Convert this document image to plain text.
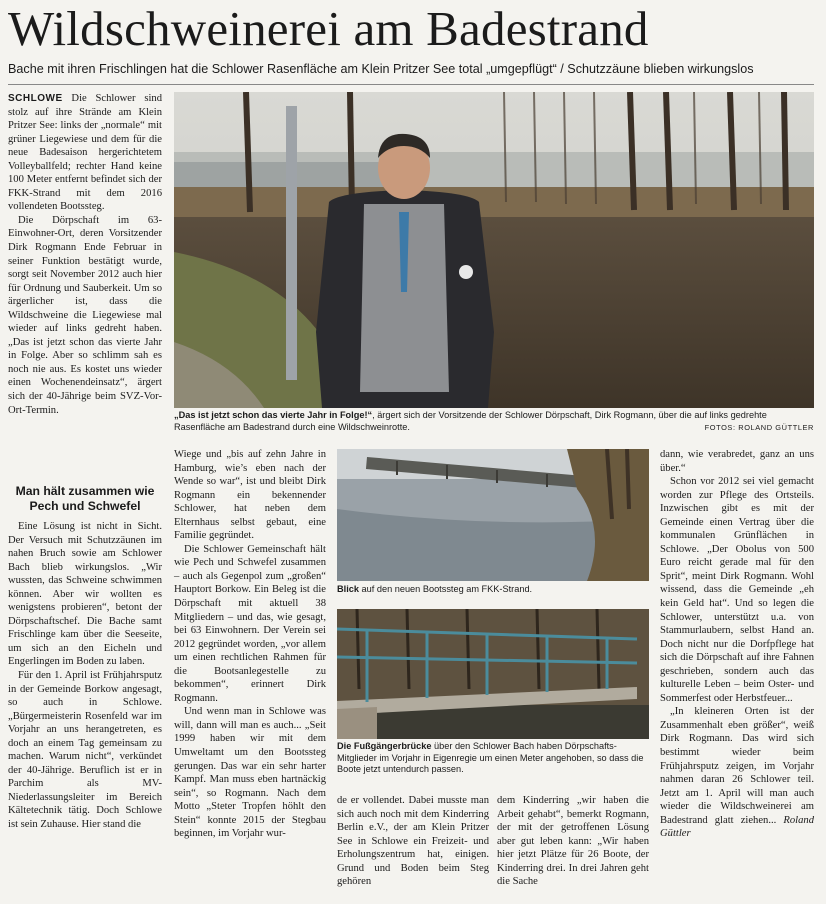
Wildschweinerei am Badestrand
Bache mit ihren Frischlingen hat die Schlower Rasenfläche am Klein Pritzer See total „umgepflügt“ / Schutzzäune blieben wirkungslos

SCHLOWE Die Schlower sind stolz auf ihre Strände am Klein Pritzer See: links der „normale“ mit grüner Liegewiese und dem für die neue Badesaison hergerichtetem Volleyballfeld; rechter Hand keine 100 Meter entfernt befindet sich der FKK-Strand mit dem 2016 vollendeten Bootssteg.

Die Dörpschaft im 63-Einwohner-Ort, deren Vorsitzender Dirk Rogmann Ende Februar in seiner Funktion bestätigt wurde, sorgt seit November 2012 auch hier für Ordnung und Sauberkeit. Um so ärgerlicher ist, dass die Wildschweine die Liegewiese mal wieder auf links gedreht haben. „Das ist jetzt schon das vierte Jahr in Folge. Aber so schlimm sah es noch nie aus. Es kostet uns wieder einen Wochenendeinsatz“, ärgert sich der 40-Jährige beim SVZ-Vor-Ort-Termin.

Man hält zusammen wie Pech und Schwefel

Eine Lösung ist nicht in Sicht. Der Versuch mit Schutzzäunen im nahen Bruch sowie am Schlower Bach blieb wirkungslos. „Wir wussten, das Schweine schwimmen können. Aber wir wollten es wenigstens probieren“, betont der Dörpschaftschef. Die Bache samt Frischlinge kam über die Seeseite, um sich an den Eicheln und Engerlingen im Boden zu laben.

Für den 1. April ist Frühjahrsputz in der Gemeinde Borkow angesagt, so auch in Schlowe. „Bürgermeisterin Rosenfeld war im Vorjahr an uns herangetreten, es doch an einem Tag gemeinsam zu machen. Warum nicht“, verkündet der 40-Jährige. Beruflich ist er in Parchim als MV-Niederlassungsleiter im Bereich Kältetechnik tätig. Doch Schlowe ist sein Zuhause. Hier stand die

„Das ist jetzt schon das vierte Jahr in Folge!“, ärgert sich der Vorsitzende der Schlower Dörpschaft, Dirk Rogmann, über die auf links gedrehte Rasenfläche am Badestrand durch eine Wildschweinrotte.	FOTOS: ROLAND GÜTTLER

Wiege und „bis auf zehn Jahre in Hamburg, wie’s eben nach der Wende so war“, ist und bleibt Dirk Rogmann ein bekennender Schlower, hat neben dem Elternhaus selbst gebaut, eine Familie gegründet.

Die Schlower Gemeinschaft hält wie Pech und Schwefel zusammen – auch als Gegenpol zum „großen“ Hauptort Borkow. Ein Beleg ist die Dörpschaft mit aktuell 38 Mitgliedern – und das, wie gesagt, bei 63 Einwohnern. Der Verein sei 2012 gegründet worden, „vor allem um einen rechtlichen Rahmen für die Bootsanlegestelle zu bekommen“, erinnert Dirk Rogmann.

Und wenn man in Schlowe was will, dann will man es auch... „Seit 1999 haben wir mit dem Umweltamt um den Bootssteg gerungen. Das war ein sehr harter Kampf. Man muss eben hartnäckig sein“, so Rogmann. Nach dem Motto „Steter Tropfen höhlt den Stein“ konnte 2015 der Stegbau beginnen, im Vorjahr wur-

Blick auf den neuen Bootssteg am FKK-Strand.
Die Fußgängerbrücke über den Schlower Bach haben Dörpschafts-Mitglieder im Vorjahr in Eigenregie um einen Meter angehoben, so dass die Boote jetzt untendurch passen.

de er vollendet. Dabei musste man sich auch noch mit dem Kinderring Berlin e.V., der am Klein Pritzer See in Schlowe ein Freizeit- und Erholungszentrum hat, einigen. Grund und Boden beim Steg gehören

dem Kinderring „wir haben die Arbeit gehabt“, bemerkt Rogmann, der mit der getroffenen Lösung aber gut leben kann: „Wir haben hier jetzt Plätze für 26 Boote, der Kinderring drei. In drei Jahren geht die Sache

dann, wie verabredet, ganz an uns über.“

Schon vor 2012 sei viel gemacht worden zur Pflege des Ortsteils. Inzwischen gibt es mit der Gemeinde einen Vertrag über die kommunalen Grünflächen in Schlowe. „Der Obolus von 500 Euro reicht gerade mal für den Sprit“, meint Dirk Rogmann. Wohl wissend, dass die Gemeinde „eh kein Geld hat“. Und so legen die Schlower, unterstützt u.a. von Stammurlaubern, selbst Hand an. Doch nicht nur die Dorfpflege hat sich die Dörpschaft auf ihre Fahnen geschrieben, sondern auch das kulturelle Leben – beim Oster- und Sommerfest oder Herbstfeuer...

„In kleineren Orten ist der Zusammenhalt eben größer“, weiß Dirk Rogmann. Das wird sich bestimmt wieder beim Frühjahrsputz zeigen, im Vorjahr nahmen daran 26 Schlower teil. Jetzt am 1. April will man auch wieder die Wildschweinerei am Badestrand glatt ziehen... Roland Güttler
